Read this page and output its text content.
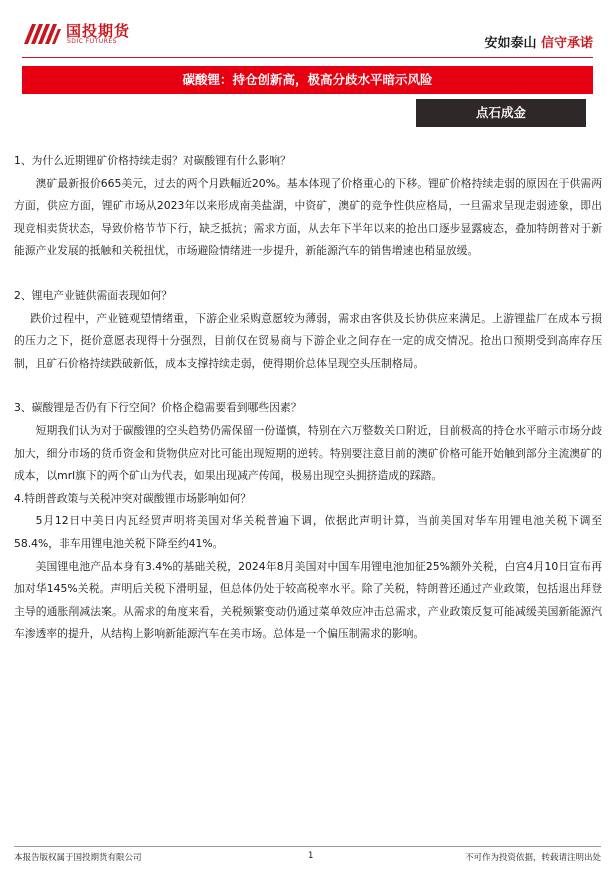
国投期货
SDIC FUTURES	安如泰山 信守承诺
碳酸锂：持仓创新高，极高分歧水平暗示风险
点石成金

1、为什么近期锂矿价格持续走弱？对碳酸锂有什么影响？

澳矿最新报价665美元，过去的两个月跌幅近20%。基本体现了价格重心的下移。锂矿价格持续走弱的原因在于供需两方面，供应方面，锂矿市场从2023年以来形成南美盐湖，中资矿，澳矿的竞争性供应格局，一旦需求呈现走弱迹象，即出现竞相卖货状态，导致价格节节下行，缺乏抵抗；需求方面，从去年下半年以来的抢出口逐步显露疲态，叠加特朗普对于新能源产业发展的抵触和关税扭忧，市场避险情绪进一步提升，新能源汽车的销售增速也稍显放缓。

2、锂电产业链供需面表现如何？

跌价过程中，产业链观望情绪重，下游企业采购意愿较为薄弱，需求由客供及长协供应来满足。上游锂盐厂在成本亏损的压力之下，挺价意愿表现得十分强烈，目前仅在贸易商与下游企业之间存在一定的成交情况。抢出口预期受到高库存压制，且矿石价格持续跌破新低，成本支撑持续走弱，使得期价总体呈现空头压制格局。

3、碳酸锂是否仍有下行空间？价格企稳需要看到哪些因素？

短期我们认为对于碳酸锂的空头趋势仍需保留一份谨慎，特别在六万整数关口附近，目前极高的持仓水平暗示市场分歧加大，细分市场的货币资金和货物供应对比可能出现短期的逆转。特别要注意目前的澳矿价格可能开始触到部分主流澳矿的成本，以mrl旗下的两个矿山为代表，如果出现减产传闻，极易出现空头拥挤造成的踩踏。

4.特朗普政策与关税冲突对碳酸锂市场影响如何？

5月12日中美日内瓦经贸声明将美国对华关税普遍下调，依据此声明计算，当前美国对华车用锂电池关税下调至58.4%，非车用锂电池关税下降至约41%。

美国锂电池产品本身有3.4%的基础关税，2024年8月美国对中国车用锂电池加征25%额外关税，白宫4月10日宣布再加对华145%关税。声明后关税下滑明显，但总体仍处于较高税率水平。除了关税，特朗普还通过产业政策，包括退出拜登主导的通胀削减法案。从需求的角度来看，关税频繁变动仍通过菜单效应冲击总需求，产业政策反复可能减缓美国新能源汽车渗透率的提升，从结构上影响新能源汽车在美市场。总体是一个偏压制需求的影响。

本报告版权属于国投期货有限公司	1	不可作为投资依据，转载请注明出处
